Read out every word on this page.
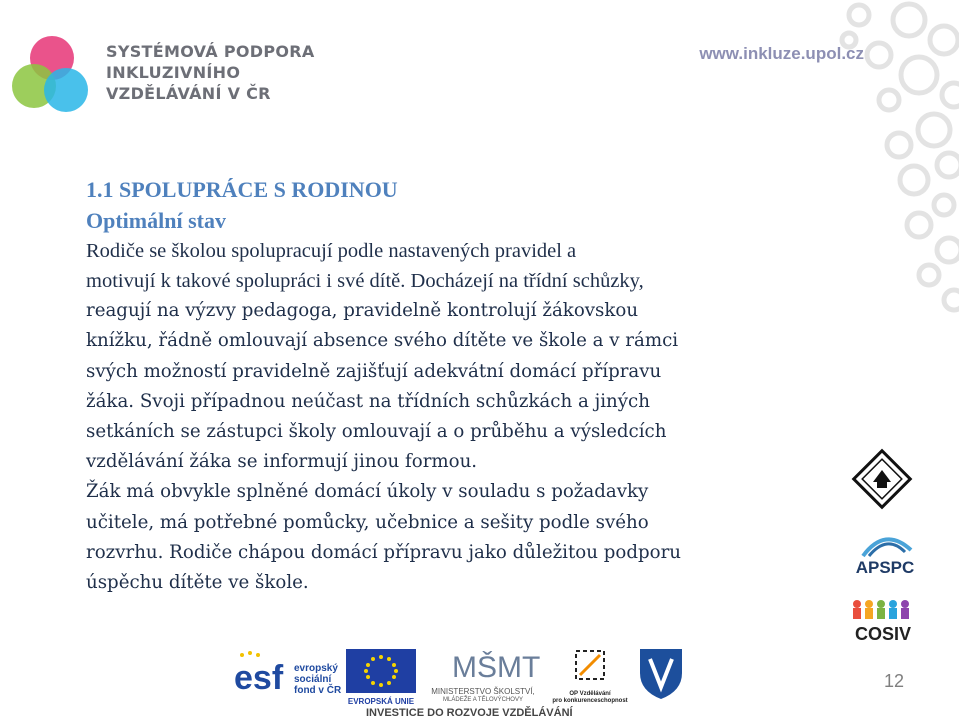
SYSTÉMOVÁ PODPORA
INKLUZIVNÍHO
VZDĚLÁVÁNÍ V ČR
www.inkluze.upol.cz
1.1 SPOLUPRÁCE S RODINOU
Optimální stav
Rodiče se školou spolupracují podle nastavených pravidel a
motivují k takové spolupráci i své dítě. Docházejí na třídní schůzky,
reagují na výzvy pedagoga, pravidelně kontrolují žákovskou
knížku, řádně omlouvají absence svého dítěte ve škole a v rámci
svých možností pravidelně zajišťují adekvátní domácí přípravu
žáka. Svoji případnou neúčast na třídních schůzkách a jiných
setkáních se zástupci školy omlouvají a o průběhu a výsledcích
vzdělávání žáka se informují jinou formou.
Žák má obvykle splněné domácí úkoly v souladu s požadavky
učitele, má potřebné pomůcky, učebnice a sešity podle svého
rozvrhu. Rodiče chápou domácí přípravu jako důležitou podporu
úspěchu dítěte ve škole.
APSPC
COSIV
esf evropský
sociální
fond v ČR
EVROPSKÁ UNIE
MŠMT
MINISTERSTVO ŠKOLSTVÍ,
MLÁDEŽE A TĚLOVÝCHOVY
OP Vzdělávání
pro konkurenceschopnost
INVESTICE DO ROZVOJE VZDĚLÁVÁNÍ
12
